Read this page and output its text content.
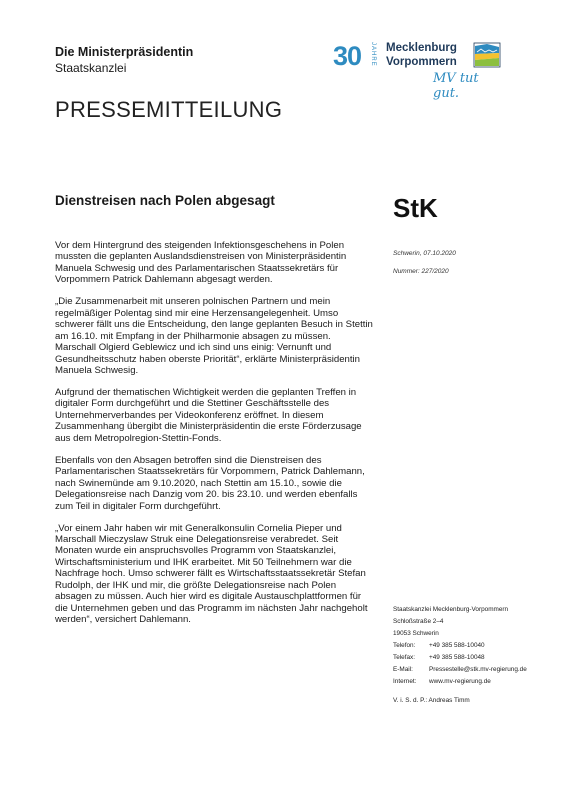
Die Ministerpräsidentin
Staatskanzlei	30 JAHRE Mecklenburg
Vorpommern
MV tut gut.
PRESSEMITTEILUNG
Dienstreisen nach Polen abgesagt	StK
Schwerin, 07.10.2020
Nummer: 227/2020

Vor dem Hintergrund des steigenden Infektionsgeschehens in Polen mussten die geplanten Auslandsdienstreisen von Ministerpräsidentin Manuela Schwesig und des Parlamentarischen Staatssekretärs für Vorpommern Patrick Dahlemann abgesagt werden.

„Die Zusammenarbeit mit unseren polnischen Partnern und mein regelmäßiger Polentag sind mir eine Herzensangelegenheit. Umso schwerer fällt uns die Entscheidung, den lange geplanten Besuch in Stettin am 16.10. mit Empfang in der Philharmonie absagen zu müssen. Marschall Olgierd Geblewicz und ich sind uns einig: Vernunft und Gesundheitsschutz haben oberste Priorität“, erklärte Ministerpräsidentin Manuela Schwesig.

Aufgrund der thematischen Wichtigkeit werden die geplanten Treffen in digitaler Form durchgeführt und die Stettiner Geschäftsstelle des Unternehmerverbandes per Videokonferenz eröffnet. In diesem Zusammenhang übergibt die Ministerpräsidentin die erste Förderzusage aus dem Metropolregion-Stettin-Fonds.

Ebenfalls von den Absagen betroffen sind die Dienstreisen des Parlamentarischen Staatssekretärs für Vorpommern, Patrick Dahlemann, nach Swinemünde am 9.10.2020, nach Stettin am 15.10., sowie die Delegationsreise nach Danzig vom 20. bis 23.10. und werden ebenfalls zum Teil in digitaler Form durchgeführt.

„Vor einem Jahr haben wir mit Generalkonsulin Cornelia Pieper und Marschall Mieczyslaw Struk eine Delegationsreise verabredet. Seit Monaten wurde ein anspruchsvolles Programm von Staatskanzlei, Wirtschaftsministerium und IHK erarbeitet. Mit 50 Teilnehmern war die Nachfrage hoch. Umso schwerer fällt es Wirtschaftsstaatssekretär Stefan Rudolph, der IHK und mir, die größte Delegationsreise nach Polen absagen zu müssen. Auch hier wird es digitale Austauschplattformen für die Unternehmen geben und das Programm im nächsten Jahr nachgeholt werden“, versichert Dahlemann.

Staatskanzlei Mecklenburg-Vorpommern
Schloßstraße 2–4
19053 Schwerin
Telefon: +49 385 588-10040
Telefax: +49 385 588-10048
E-Mail:	Pressestelle@stk.mv-regierung.de
Internet: www.mv-regierung.de
V. i. S. d. P.: Andreas Timm
